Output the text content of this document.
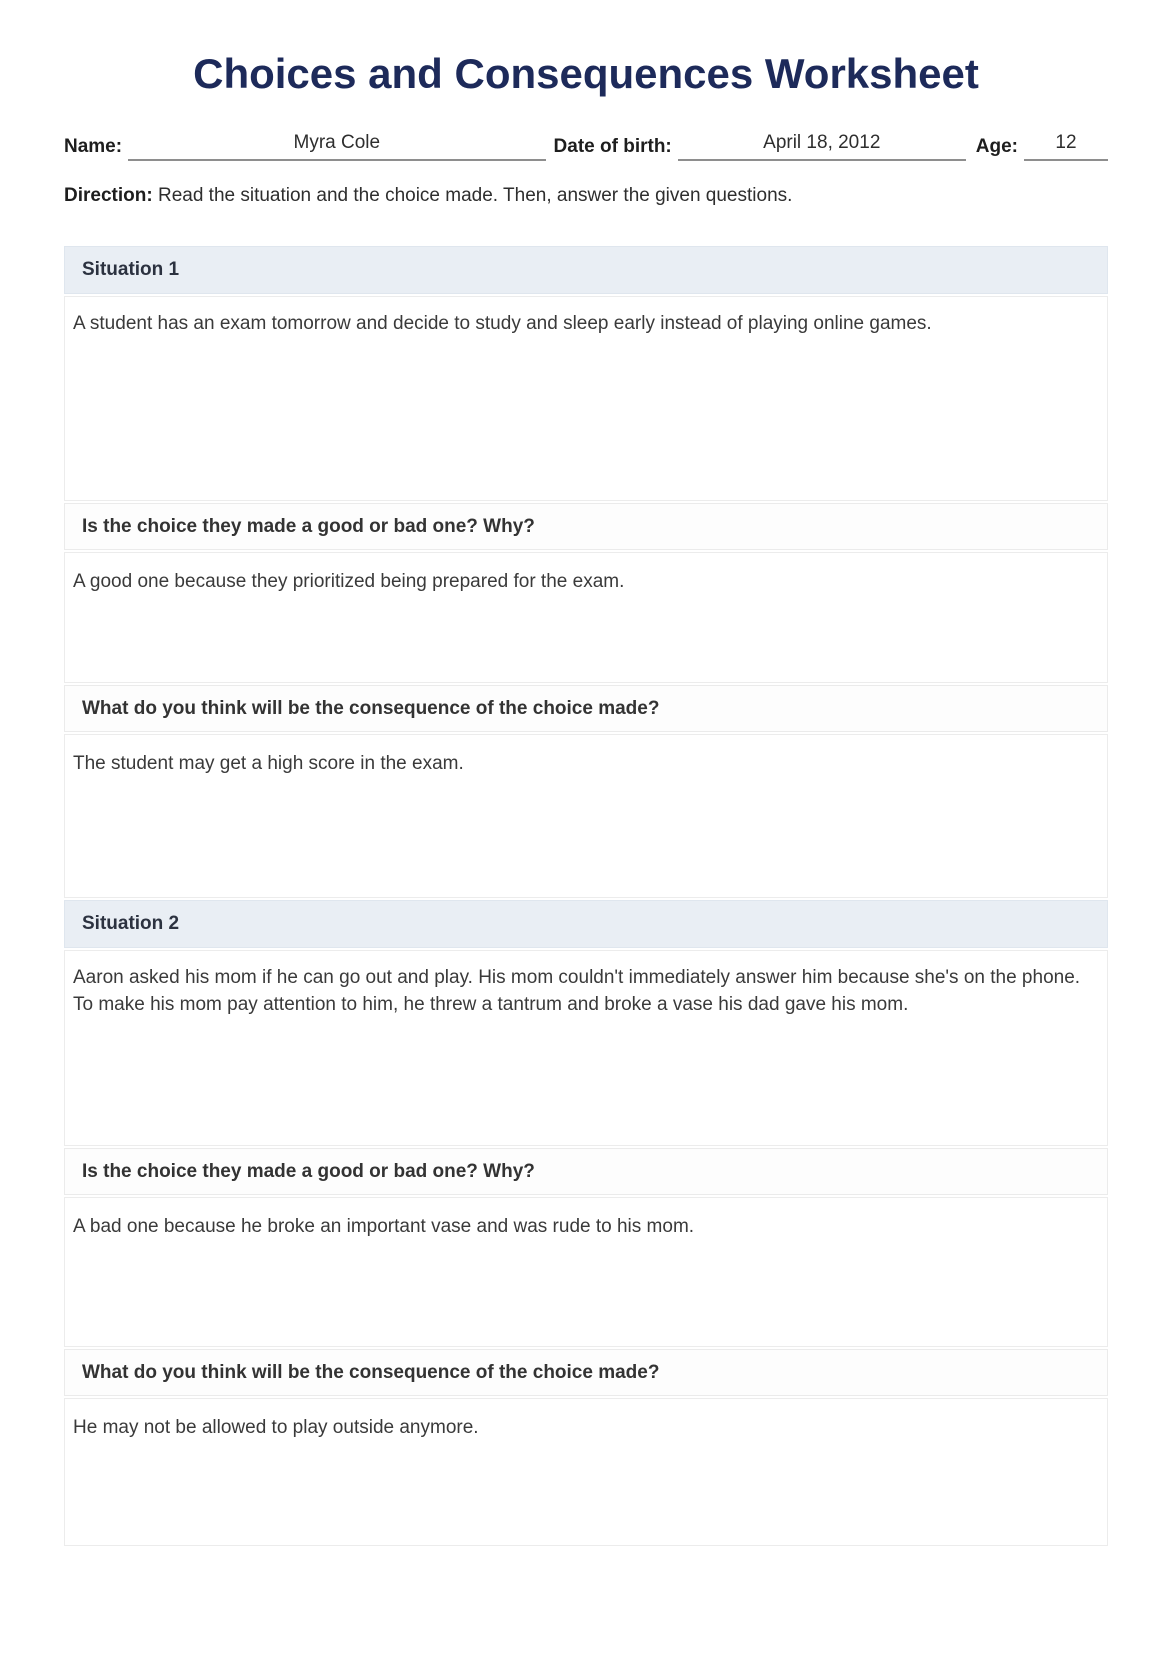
Choices and Consequences Worksheet
Name:	Myra Cole	Date of birth:	April 18, 2012	Age:	12
Direction: Read the situation and the choice made. Then, answer the given questions.
Situation 1
A student has an exam tomorrow and decide to study and sleep early instead of playing online games.
Is the choice they made a good or bad one? Why?
A good one because they prioritized being prepared for the exam.
What do you think will be the consequence of the choice made?
The student may get a high score in the exam.
Situation 2
Aaron asked his mom if he can go out and play. His mom couldn't immediately answer him because she's on the phone. To make his mom pay attention to him, he threw a tantrum and broke a vase his dad gave his mom.
Is the choice they made a good or bad one? Why?
A bad one because he broke an important vase and was rude to his mom.
What do you think will be the consequence of the choice made?
He may not be allowed to play outside anymore.
